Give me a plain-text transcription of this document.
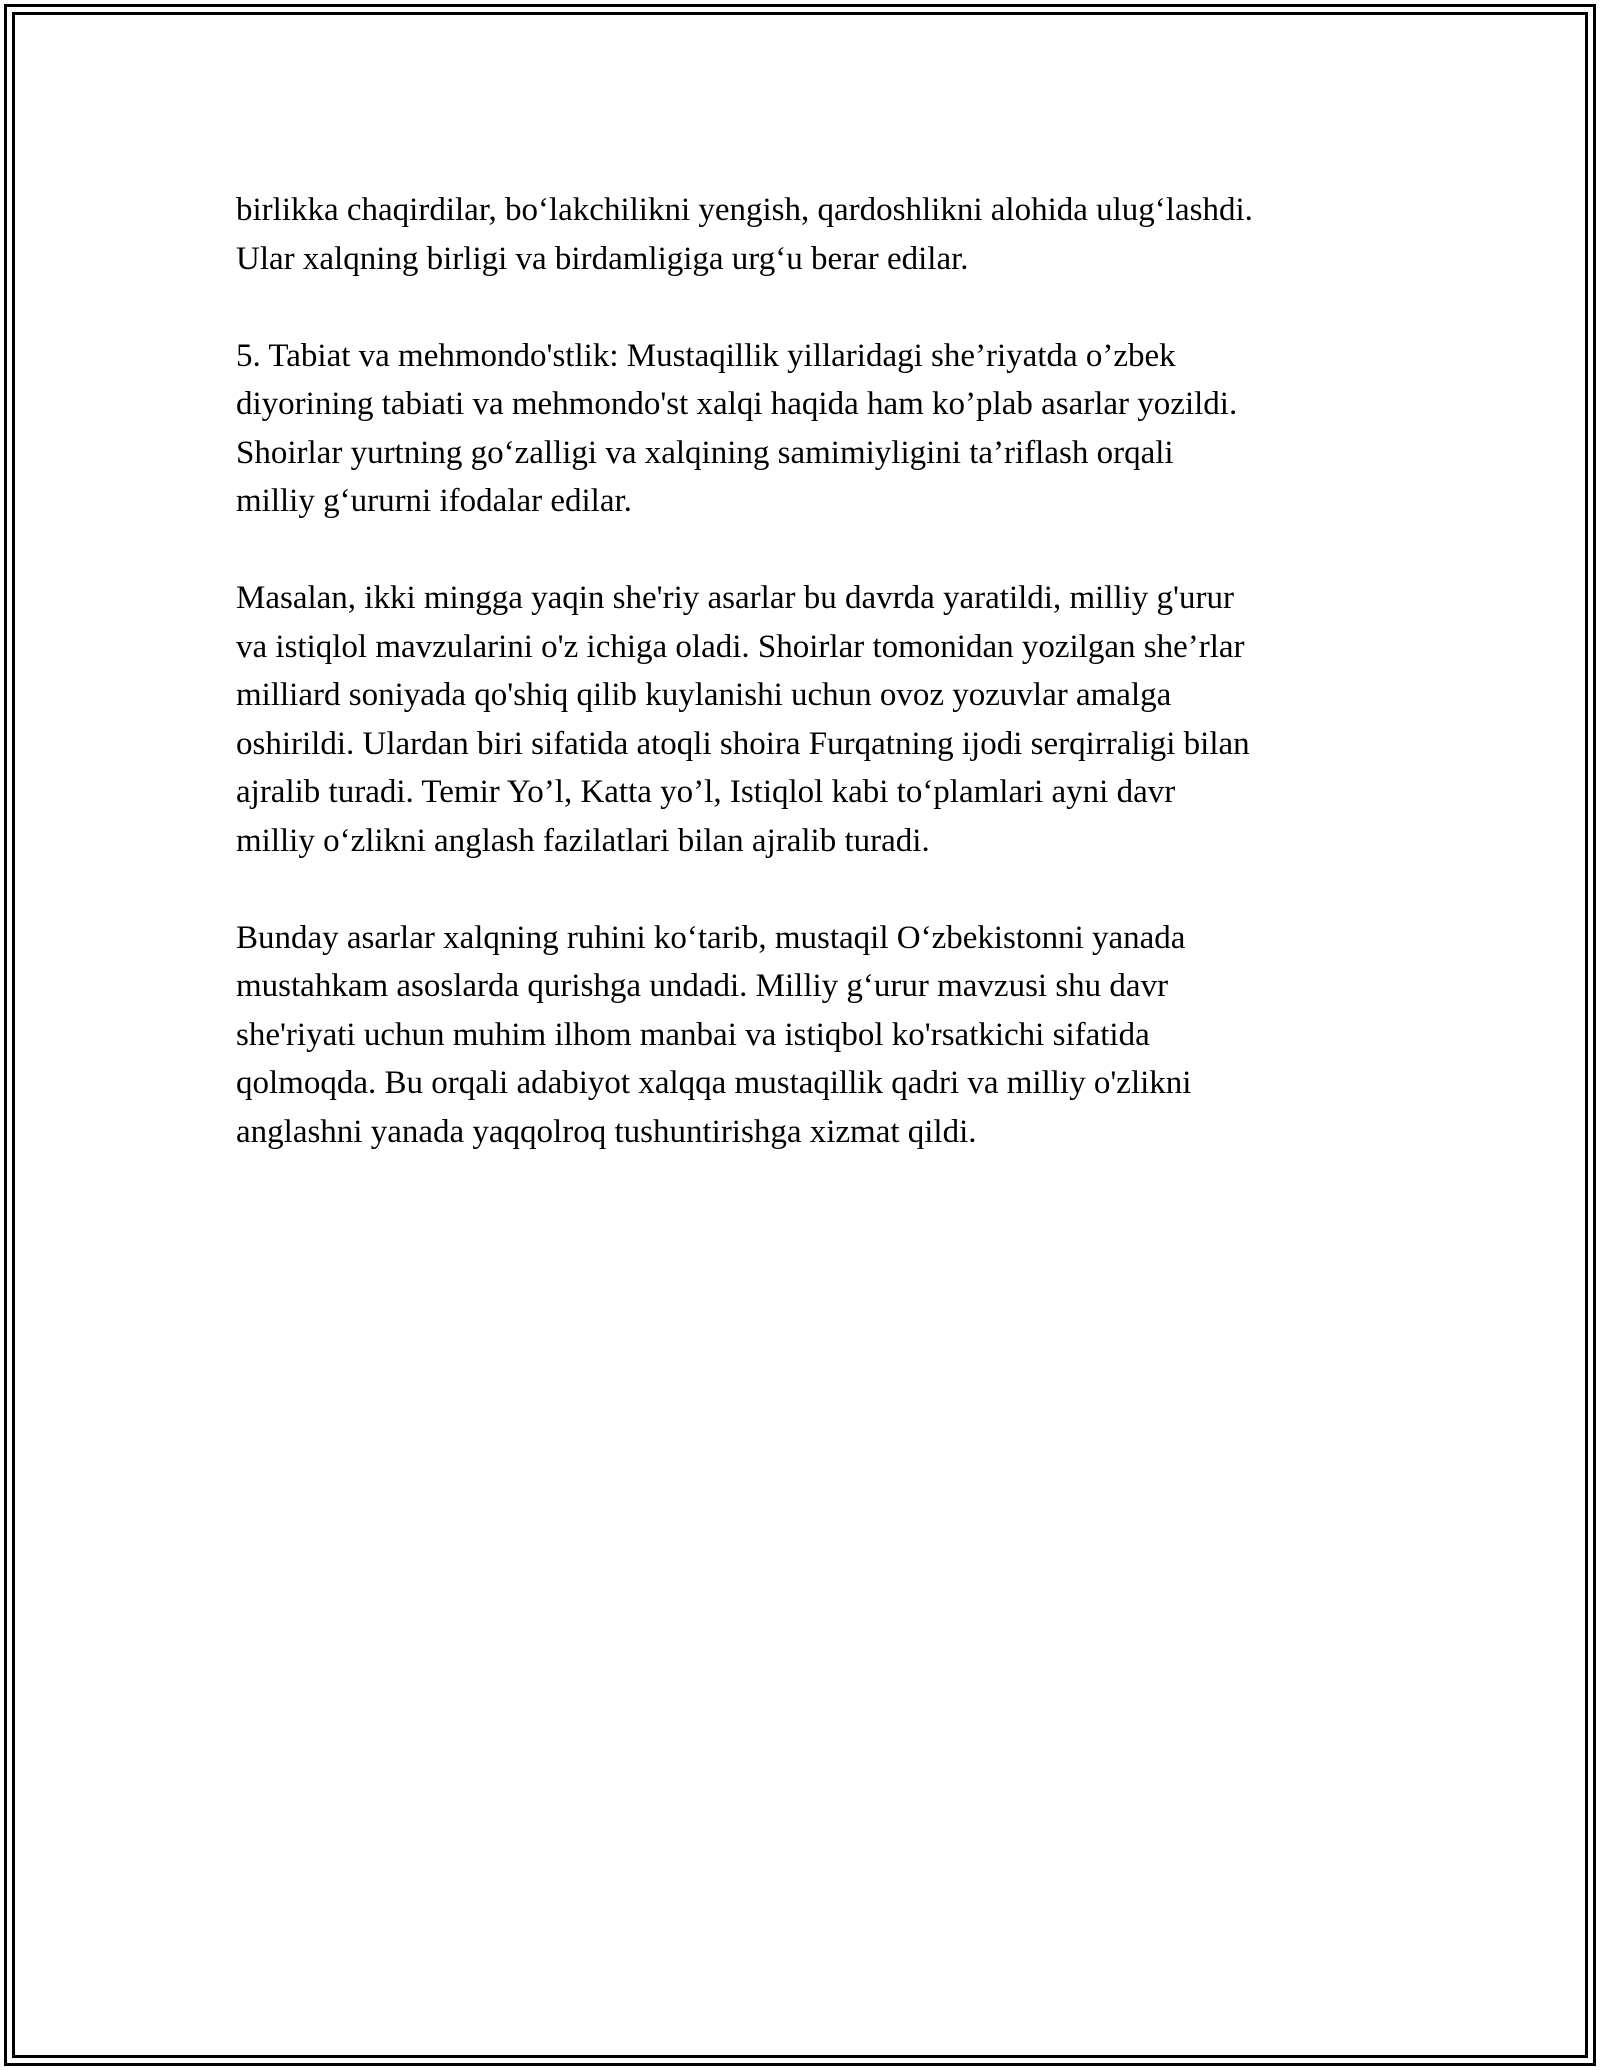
birlikka chaqirdilar, bo‘lakchilikni yengish, qardoshlikni alohida ulug‘lashdi.
Ular xalqning birligi va birdamligiga urg‘u berar edilar.

5. Tabiat va mehmondo'stlik: Mustaqillik yillaridagi she’riyatda o’zbek
diyorining tabiati va mehmondo'st xalqi haqida ham ko’plab asarlar yozildi.
Shoirlar yurtning go‘zalligi va xalqining samimiyligini ta’riflash orqali
milliy g‘ururni ifodalar edilar.

Masalan, ikki mingga yaqin she'riy asarlar bu davrda yaratildi, milliy g'urur
va istiqlol mavzularini o'z ichiga oladi. Shoirlar tomonidan yozilgan she’rlar
milliard soniyada qo'shiq qilib kuylanishi uchun ovoz yozuvlar amalga
oshirildi. Ulardan biri sifatida atoqli shoira Furqatning ijodi serqirraligi bilan
ajralib turadi. Temir Yo’l, Katta yo’l, Istiqlol kabi to‘plamlari ayni davr
milliy o‘zlikni anglash fazilatlari bilan ajralib turadi.

Bunday asarlar xalqning ruhini ko‘tarib, mustaqil O‘zbekistonni yanada
mustahkam asoslarda qurishga undadi. Milliy g‘urur mavzusi shu davr
she'riyati uchun muhim ilhom manbai va istiqbol ko'rsatkichi sifatida
qolmoqda. Bu orqali adabiyot xalqqa mustaqillik qadri va milliy o'zlikni
anglashni yanada yaqqolroq tushuntirishga xizmat qildi.
